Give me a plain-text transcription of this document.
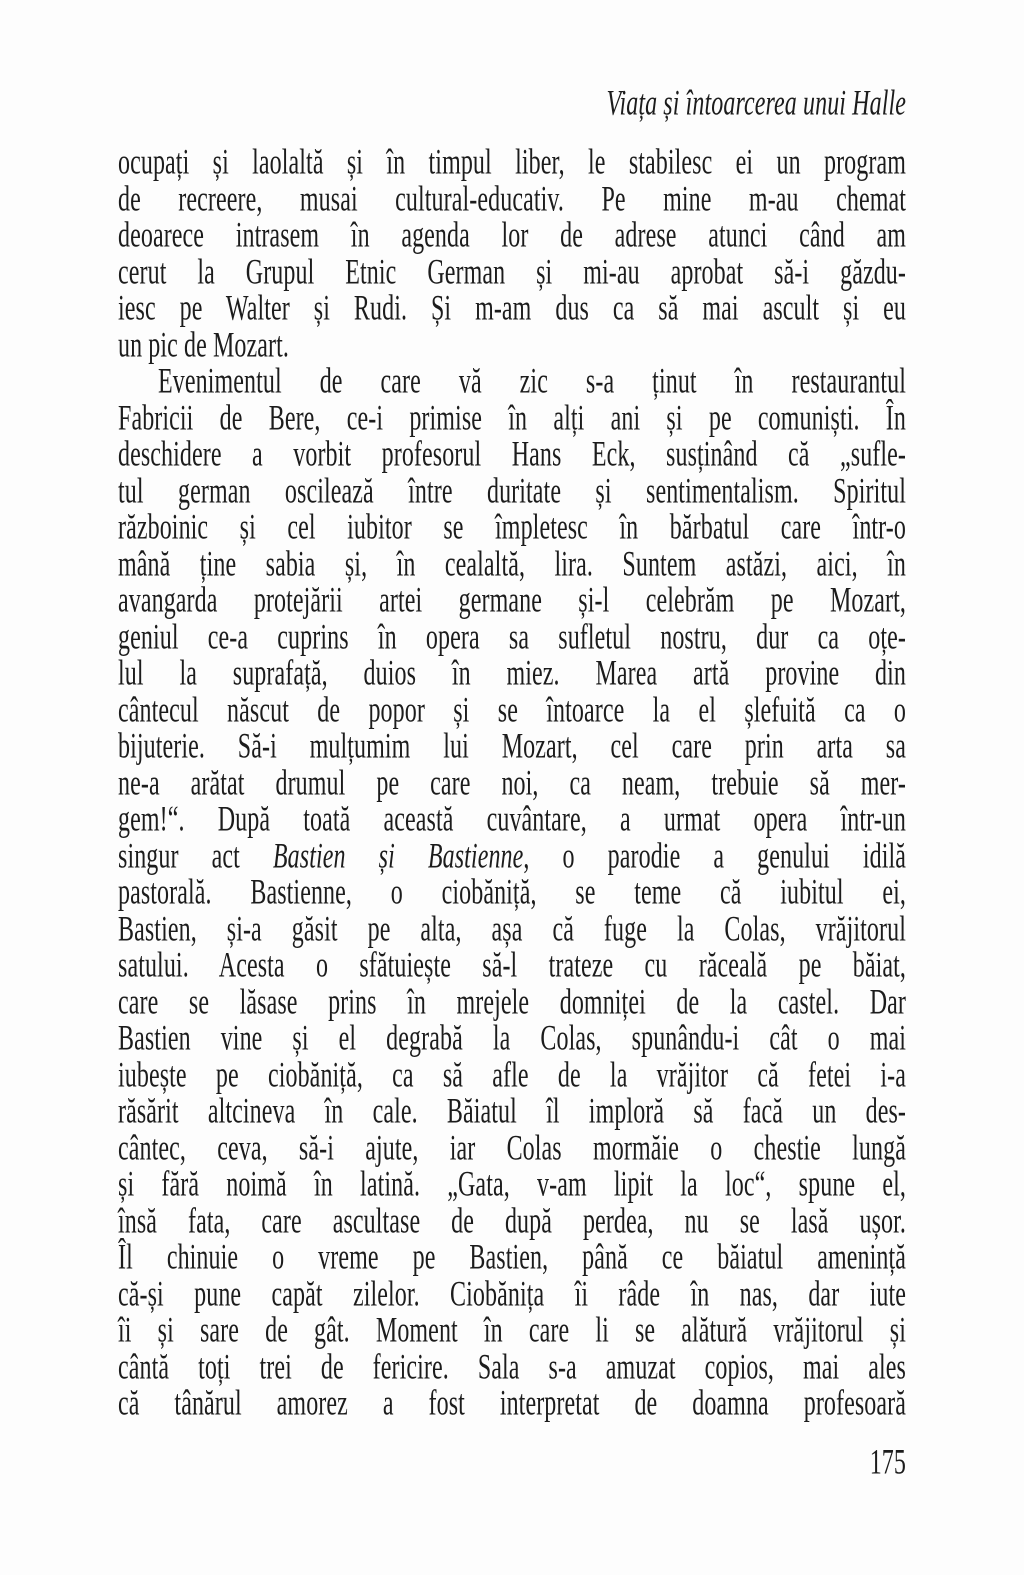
Viața și întoarcerea unui Halle
ocupați și laolaltă și în timpul liber, le stabilesc ei un program
de recreere, musai cultural-educativ. Pe mine m-au chemat
deoarece intrasem în agenda lor de adrese atunci când am
cerut la Grupul Etnic German și mi-au aprobat să-i găzdu-
iesc pe Walter și Rudi. Și m-am dus ca să mai ascult și eu
un pic de Mozart.
Evenimentul de care vă zic s-a ținut în restaurantul
Fabricii de Bere, ce-i primise în alți ani și pe comuniști. În
deschidere a vorbit profesorul Hans Eck, susținând că „sufle-
tul german oscilează între duritate și sentimentalism. Spiritul
războinic și cel iubitor se împletesc în bărbatul care într-o
mână ține sabia și, în cealaltă, lira. Suntem astăzi, aici, în
avangarda protejării artei germane și-l celebrăm pe Mozart,
geniul ce-a cuprins în opera sa sufletul nostru, dur ca oțe-
lul la suprafață, duios în miez. Marea artă provine din
cântecul născut de popor și se întoarce la el șlefuită ca o
bijuterie. Să-i mulțumim lui Mozart, cel care prin arta sa
ne-a arătat drumul pe care noi, ca neam, trebuie să mer-
gem!“. După toată această cuvântare, a urmat opera într-un
singur act Bastien și Bastienne, o parodie a genului idilă
pastorală. Bastienne, o ciobăniță, se teme că iubitul ei,
Bastien, și-a găsit pe alta, așa că fuge la Colas, vrăjitorul
satului. Acesta o sfătuiește să-l trateze cu răceală pe băiat,
care se lăsase prins în mrejele domniței de la castel. Dar
Bastien vine și el degrabă la Colas, spunându-i cât o mai
iubește pe ciobăniță, ca să afle de la vrăjitor că fetei i-a
răsărit altcineva în cale. Băiatul îl imploră să facă un des-
cântec, ceva, să-i ajute, iar Colas mormăie o chestie lungă
și fără noimă în latină. „Gata, v-am lipit la loc“, spune el,
însă fata, care ascultase de după perdea, nu se lasă ușor.
Îl chinuie o vreme pe Bastien, până ce băiatul amenință
că-și pune capăt zilelor. Ciobănița îi râde în nas, dar iute
îi și sare de gât. Moment în care li se alătură vrăjitorul și
cântă toți trei de fericire. Sala s-a amuzat copios, mai ales
că tânărul amorez a fost interpretat de doamna profesoară
175
